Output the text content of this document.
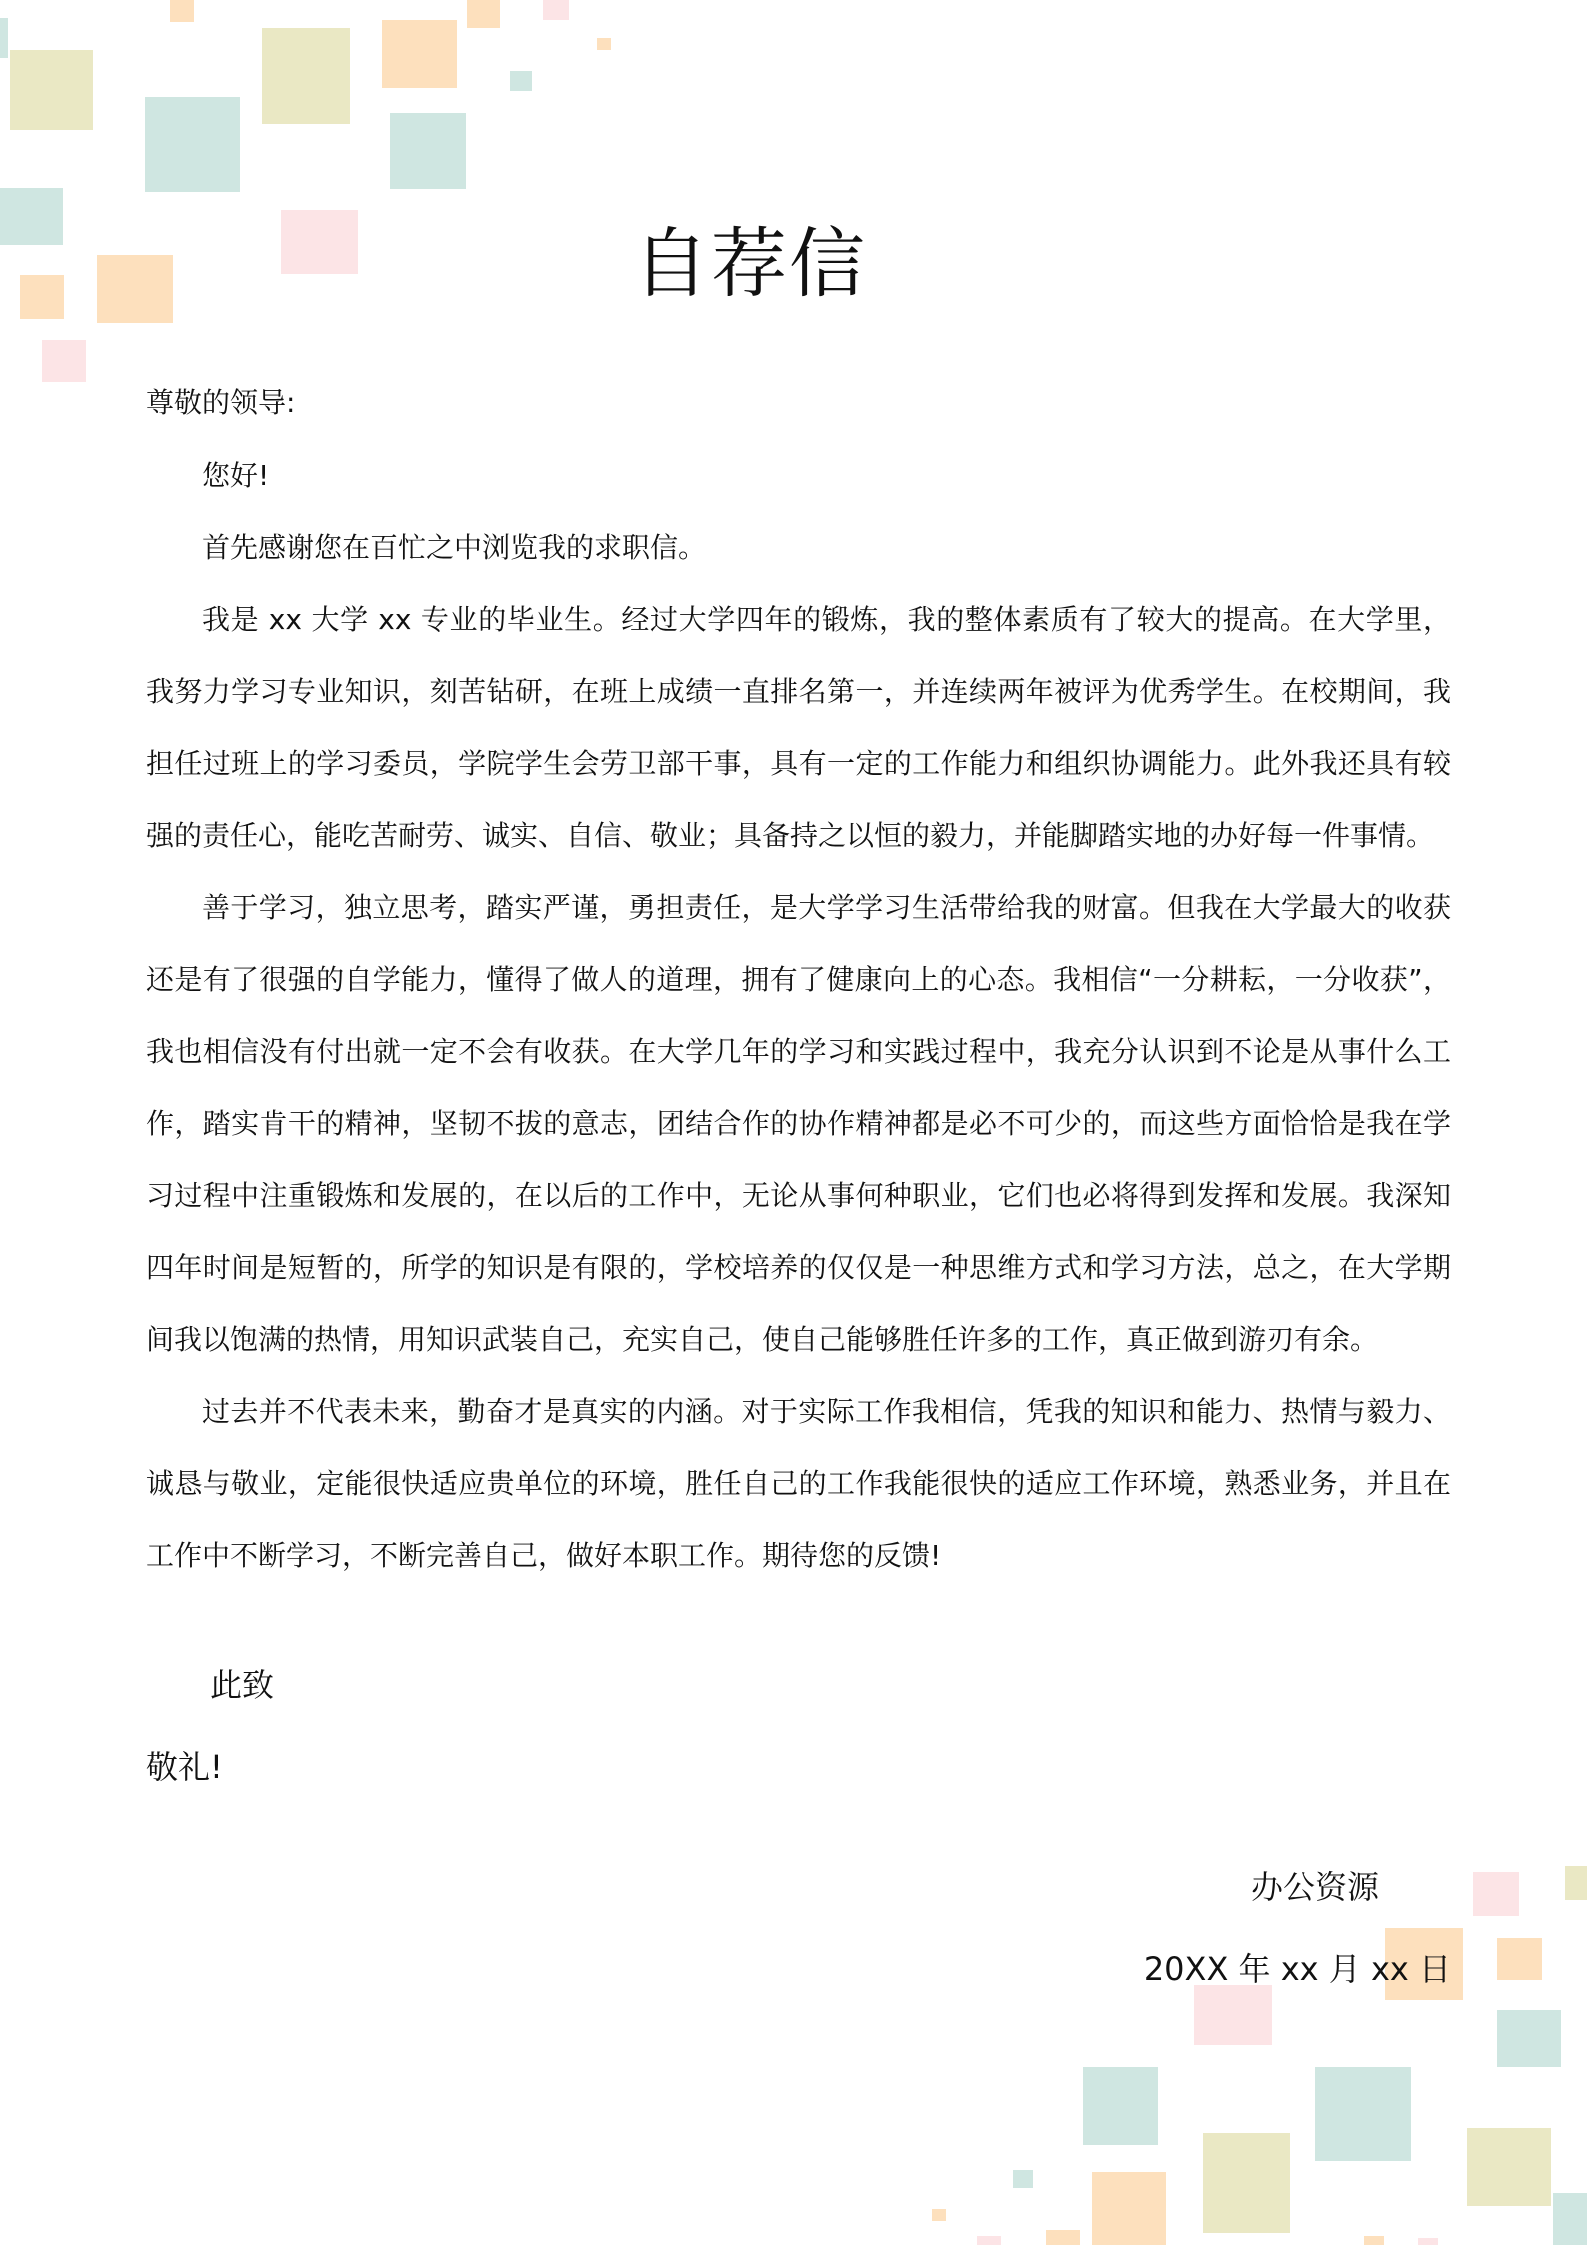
自荐信
尊敬的领导:

您好!

首先感谢您在百忙之中浏览我的求职信。

我是 xx 大学 xx 专业的毕业生。经过大学四年的锻炼，我的整体素质有了较大的提高。在大学里，我努力学习专业知识，刻苦钻研，在班上成绩一直排名第一，并连续两年被评为优秀学生。在校期间，我担任过班上的学习委员，学院学生会劳卫部干事，具有一定的工作能力和组织协调能力。此外我还具有较强的责任心，能吃苦耐劳、诚实、自信、敬业；具备持之以恒的毅力，并能脚踏实地的办好每一件事情。

善于学习，独立思考，踏实严谨，勇担责任，是大学学习生活带给我的财富。但我在大学最大的收获还是有了很强的自学能力，懂得了做人的道理，拥有了健康向上的心态。我相信“一分耕耘，一分收获”，我也相信没有付出就一定不会有收获。在大学几年的学习和实践过程中，我充分认识到不论是从事什么工作，踏实肯干的精神，坚韧不拔的意志，团结合作的协作精神都是必不可少的，而这些方面恰恰是我在学习过程中注重锻炼和发展的，在以后的工作中，无论从事何种职业，它们也必将得到发挥和发展。我深知四年时间是短暂的，所学的知识是有限的，学校培养的仅仅是一种思维方式和学习方法，总之，在大学期间我以饱满的热情，用知识武装自己，充实自己，使自己能够胜任许多的工作，真正做到游刃有余。

过去并不代表未来，勤奋才是真实的内涵。对于实际工作我相信，凭我的知识和能力、热情与毅力、诚恳与敬业，定能很快适应贵单位的环境，胜任自己的工作我能很快的适应工作环境，熟悉业务，并且在工作中不断学习，不断完善自己，做好本职工作。期待您的反馈!

此致
敬礼!
办公资源
20XX 年 xx 月 xx 日
